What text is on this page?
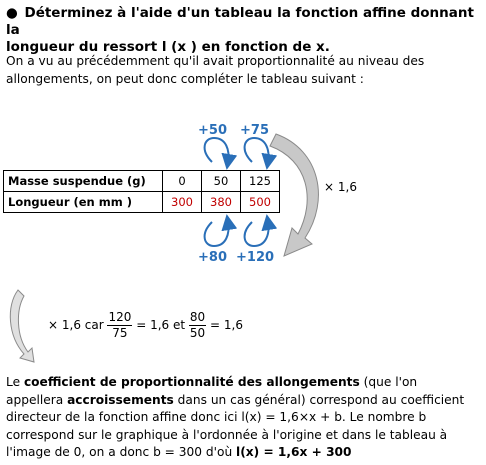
● Déterminez à l'aide d'un tableau la fonction affine donnant la
longueur du ressort l (x ) en fonction de x.
On a vu au précédemment qu'il avait proportionnalité au niveau des
allongements, on peut donc compléter le tableau suivant :
+50 +75
Masse suspendue (g)	0	50	125
Longueur (en mm )	300	380	500
× 1,6
+80 +120
× 1,6 car $\frac{120}{75} = 1,6$ et $\frac{80}{50} = 1,6$
Le coefficient de proportionnalité des allongements (que l'on
appellera accroissements dans un cas général) correspond au coefficient
directeur de la fonction affine donc ici l(x) = 1,6×x + b. Le nombre b
correspond sur le graphique à l'ordonnée à l'origine et dans le tableau à
l'image de 0, on a donc b = 300 d'où l(x) = 1,6x + 300
